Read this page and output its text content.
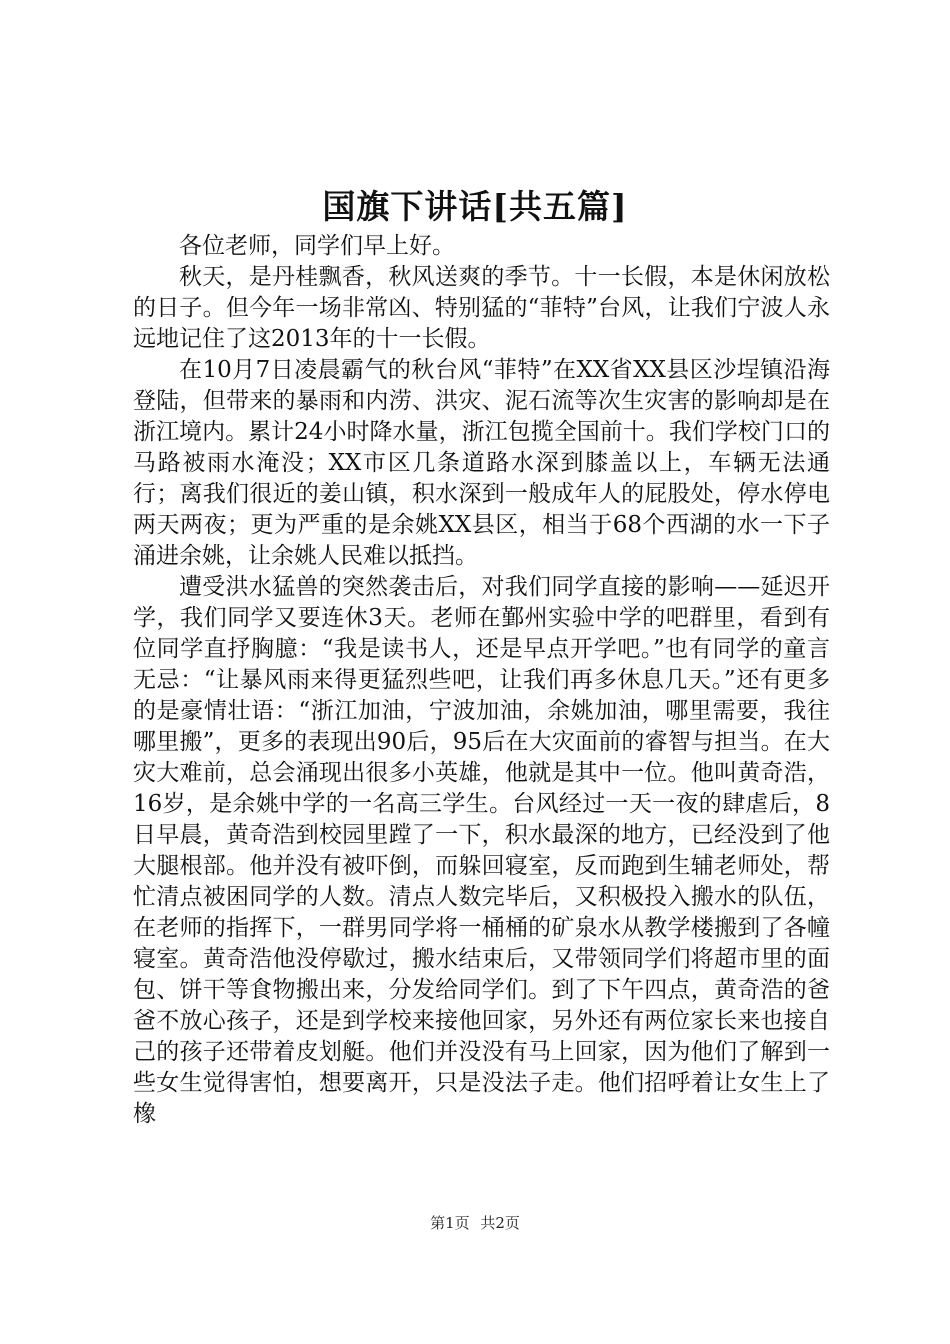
国旗下讲话[共五篇]

各位老师，同学们早上好。

秋天，是丹桂飘香，秋风送爽的季节。十一长假，本是休闲放松的日子。但今年一场非常凶、特别猛的“菲特”台风，让我们宁波人永远地记住了这2013年的十一长假。

在10月7日凌晨霸气的秋台风“菲特”在XX省XX县区沙埕镇沿海登陆，但带来的暴雨和内涝、洪灾、泥石流等次生灾害的影响却是在浙江境内。累计24小时降水量，浙江包揽全国前十。我们学校门口的马路被雨水淹没；XX市区几条道路水深到膝盖以上，车辆无法通行；离我们很近的姜山镇，积水深到一般成年人的屁股处，停水停电两天两夜；更为严重的是余姚XX县区，相当于68个西湖的水一下子涌进余姚，让余姚人民难以抵挡。

遭受洪水猛兽的突然袭击后，对我们同学直接的影响——延迟开学，我们同学又要连休3天。老师在鄞州实验中学的吧群里，看到有位同学直抒胸臆：“我是读书人，还是早点开学吧。”也有同学的童言无忌：“让暴风雨来得更猛烈些吧，让我们再多休息几天。”还有更多的是豪情壮语：“浙江加油，宁波加油，余姚加油，哪里需要，我往哪里搬”，更多的表现出90后，95后在大灾面前的睿智与担当。在大灾大难前，总会涌现出很多小英雄，他就是其中一位。他叫黄奇浩，16岁，是余姚中学的一名高三学生。台风经过一天一夜的肆虐后，8日早晨，黄奇浩到校园里蹚了一下，积水最深的地方，已经没到了他大腿根部。他并没有被吓倒，而躲回寝室，反而跑到生辅老师处，帮忙清点被困同学的人数。清点人数完毕后，又积极投入搬水的队伍，在老师的指挥下，一群男同学将一桶桶的矿泉水从教学楼搬到了各幢寝室。黄奇浩他没停歇过，搬水结束后，又带领同学们将超市里的面包、饼干等食物搬出来，分发给同学们。到了下午四点，黄奇浩的爸爸不放心孩子，还是到学校来接他回家，另外还有两位家长来也接自己的孩子还带着皮划艇。他们并没没有马上回家，因为他们了解到一些女生觉得害怕，想要离开，只是没法子走。他们招呼着让女生上了橡

第1页 共2页
